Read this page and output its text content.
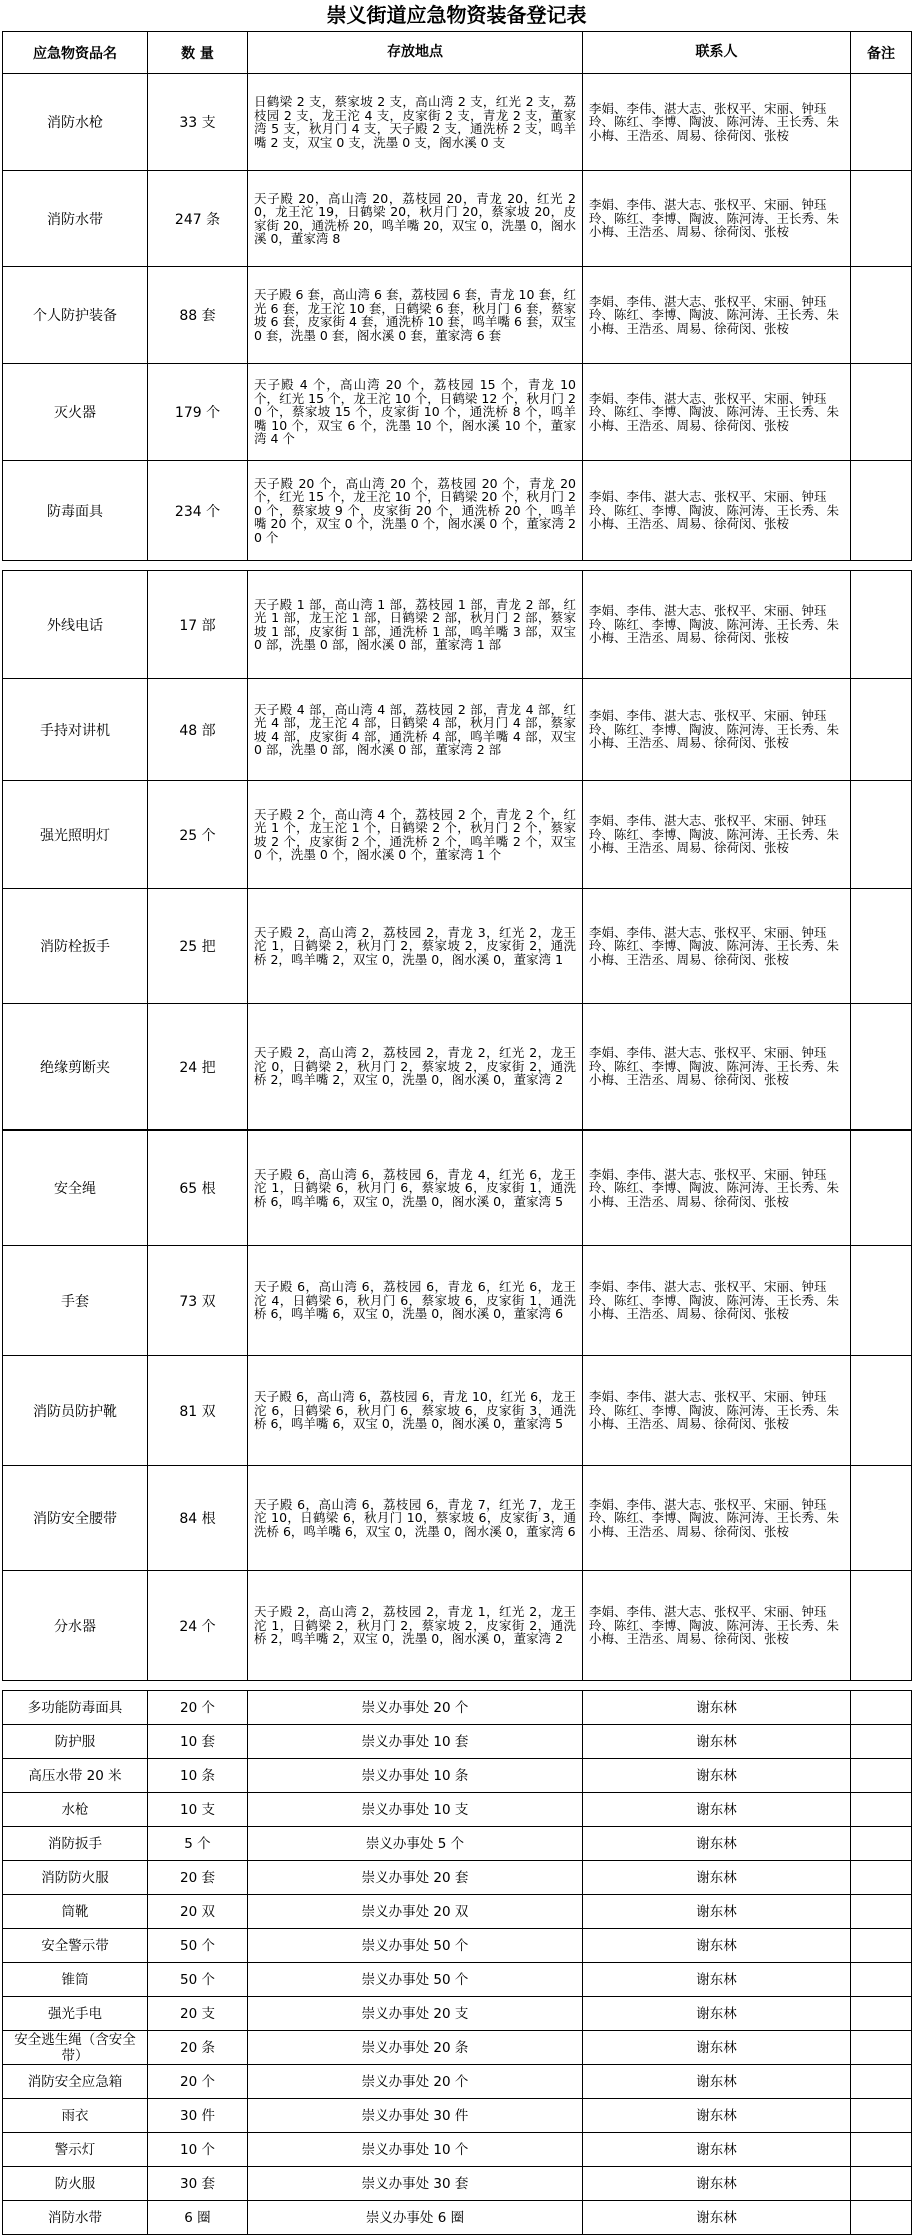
崇义街道应急物资装备登记表
应急物资品名	数 量	存放地点	联系人	备注
消防水枪	33 支	日鹤梁 2 支，蔡家坡 2 支，高山湾 2 支，红光 2 支，荔枝园 2 支，龙王沱 4 支，皮家街 2 支，青龙 2 支，董家湾 5 支，秋月门 4 支，天子殿 2 支，通洗桥 2 支，鸣羊嘴 2 支，双宝 0 支，洗墨 0 支，阁水溪 0 支	李娟、李伟、湛大志、张权平、宋丽、钟珏玲、陈红、李博、陶波、陈河涛、王长秀、朱小梅、王浩丞、周易、徐荷闵、张桉	
消防水带	247 条	天子殿 20，高山湾 20，荔枝园 20，青龙 20，红光 20，龙王沱 19，日鹤梁 20，秋月门 20，蔡家坡 20，皮家街 20，通洗桥 20，鸣羊嘴 20，双宝 0，洗墨 0，阁水溪 0，董家湾 8	李娟、李伟、湛大志、张权平、宋丽、钟珏玲、陈红、李博、陶波、陈河涛、王长秀、朱小梅、王浩丞、周易、徐荷闵、张桉	
个人防护装备	88 套	天子殿 6 套，高山湾 6 套，荔枝园 6 套，青龙 10 套，红光 6 套，龙王沱 10 套，日鹤梁 6 套，秋月门 6 套，蔡家坡 6 套，皮家街 4 套，通洗桥 10 套，鸣羊嘴 6 套，双宝 0 套，洗墨 0 套，阁水溪 0 套，董家湾 6 套	李娟、李伟、湛大志、张权平、宋丽、钟珏玲、陈红、李博、陶波、陈河涛、王长秀、朱小梅、王浩丞、周易、徐荷闵、张桉	
灭火器	179 个	天子殿 4 个，高山湾 20 个，荔枝园 15 个，青龙 10 个，红光 15 个，龙王沱 10 个，日鹤梁 12 个，秋月门 20 个，蔡家坡 15 个，皮家街 10 个，通洗桥 8 个，鸣羊嘴 10 个，双宝 6 个，洗墨 10 个，阁水溪 10 个，董家湾 4 个	李娟、李伟、湛大志、张权平、宋丽、钟珏玲、陈红、李博、陶波、陈河涛、王长秀、朱小梅、王浩丞、周易、徐荷闵、张桉	
防毒面具	234 个	天子殿 20 个，高山湾 20 个，荔枝园 20 个，青龙 20 个，红光 15 个，龙王沱 10 个，日鹤梁 20 个，秋月门 20 个，蔡家坡 9 个，皮家街 20 个，通洗桥 20 个，鸣羊嘴 20 个，双宝 0 个，洗墨 0 个，阁水溪 0 个，董家湾 20 个	李娟、李伟、湛大志、张权平、宋丽、钟珏玲、陈红、李博、陶波、陈河涛、王长秀、朱小梅、王浩丞、周易、徐荷闵、张桉	
外线电话	17 部	天子殿 1 部，高山湾 1 部，荔枝园 1 部，青龙 2 部，红光 1 部，龙王沱 1 部，日鹤梁 2 部，秋月门 2 部，蔡家坡 1 部，皮家街 1 部，通洗桥 1 部，鸣羊嘴 3 部，双宝 0 部，洗墨 0 部，阁水溪 0 部，董家湾 1 部	李娟、李伟、湛大志、张权平、宋丽、钟珏玲、陈红、李博、陶波、陈河涛、王长秀、朱小梅、王浩丞、周易、徐荷闵、张桉	
手持对讲机	48 部	天子殿 4 部，高山湾 4 部，荔枝园 2 部，青龙 4 部，红光 4 部，龙王沱 4 部，日鹤梁 4 部，秋月门 4 部，蔡家坡 4 部，皮家街 4 部，通洗桥 4 部，鸣羊嘴 4 部，双宝 0 部，洗墨 0 部，阁水溪 0 部，董家湾 2 部	李娟、李伟、湛大志、张权平、宋丽、钟珏玲、陈红、李博、陶波、陈河涛、王长秀、朱小梅、王浩丞、周易、徐荷闵、张桉	
强光照明灯	25 个	天子殿 2 个，高山湾 4 个，荔枝园 2 个，青龙 2 个，红光 1 个，龙王沱 1 个，日鹤梁 2 个，秋月门 2 个，蔡家坡 2 个，皮家街 2 个，通洗桥 2 个，鸣羊嘴 2 个，双宝 0 个，洗墨 0 个，阁水溪 0 个，董家湾 1 个	李娟、李伟、湛大志、张权平、宋丽、钟珏玲、陈红、李博、陶波、陈河涛、王长秀、朱小梅、王浩丞、周易、徐荷闵、张桉	
消防栓扳手	25 把	天子殿 2，高山湾 2，荔枝园 2，青龙 3，红光 2，龙王沱 1，日鹤梁 2，秋月门 2，蔡家坡 2，皮家街 2，通洗桥 2，鸣羊嘴 2，双宝 0，洗墨 0，阁水溪 0，董家湾 1	李娟、李伟、湛大志、张权平、宋丽、钟珏玲、陈红、李博、陶波、陈河涛、王长秀、朱小梅、王浩丞、周易、徐荷闵、张桉	
绝缘剪断夹	24 把	天子殿 2，高山湾 2，荔枝园 2，青龙 2，红光 2，龙王沱 0，日鹤梁 2，秋月门 2，蔡家坡 2，皮家街 2，通洗桥 2，鸣羊嘴 2，双宝 0，洗墨 0，阁水溪 0，董家湾 2	李娟、李伟、湛大志、张权平、宋丽、钟珏玲、陈红、李博、陶波、陈河涛、王长秀、朱小梅、王浩丞、周易、徐荷闵、张桉	
安全绳	65 根	天子殿 6，高山湾 6，荔枝园 6，青龙 4，红光 6，龙王沱 1，日鹤梁 6，秋月门 6，蔡家坡 6，皮家街 1，通洗桥 6，鸣羊嘴 6，双宝 0，洗墨 0，阁水溪 0，董家湾 5	李娟、李伟、湛大志、张权平、宋丽、钟珏玲、陈红、李博、陶波、陈河涛、王长秀、朱小梅、王浩丞、周易、徐荷闵、张桉	
手套	73 双	天子殿 6，高山湾 6，荔枝园 6，青龙 6，红光 6，龙王沱 4，日鹤梁 6，秋月门 6，蔡家坡 6，皮家街 1，通洗桥 6，鸣羊嘴 6，双宝 0，洗墨 0，阁水溪 0，董家湾 6	李娟、李伟、湛大志、张权平、宋丽、钟珏玲、陈红、李博、陶波、陈河涛、王长秀、朱小梅、王浩丞、周易、徐荷闵、张桉	
消防员防护靴	81 双	天子殿 6，高山湾 6，荔枝园 6，青龙 10，红光 6，龙王沱 6，日鹤梁 6，秋月门 6，蔡家坡 6，皮家街 3，通洗桥 6，鸣羊嘴 6，双宝 0，洗墨 0，阁水溪 0，董家湾 5	李娟、李伟、湛大志、张权平、宋丽、钟珏玲、陈红、李博、陶波、陈河涛、王长秀、朱小梅、王浩丞、周易、徐荷闵、张桉	
消防安全腰带	84 根	天子殿 6，高山湾 6，荔枝园 6，青龙 7，红光 7，龙王沱 10，日鹤梁 6，秋月门 10，蔡家坡 6，皮家街 3，通洗桥 6，鸣羊嘴 6，双宝 0，洗墨 0，阁水溪 0，董家湾 6	李娟、李伟、湛大志、张权平、宋丽、钟珏玲、陈红、李博、陶波、陈河涛、王长秀、朱小梅、王浩丞、周易、徐荷闵、张桉	
分水器	24 个	天子殿 2，高山湾 2，荔枝园 2，青龙 1，红光 2，龙王沱 1，日鹤梁 2，秋月门 2，蔡家坡 2，皮家街 2，通洗桥 2，鸣羊嘴 2，双宝 0，洗墨 0，阁水溪 0，董家湾 2	李娟、李伟、湛大志、张权平、宋丽、钟珏玲、陈红、李博、陶波、陈河涛、王长秀、朱小梅、王浩丞、周易、徐荷闵、张桉	
多功能防毒面具	20 个	崇义办事处 20 个	谢东林	
防护服	10 套	崇义办事处 10 套	谢东林	
高压水带 20 米	10 条	崇义办事处 10 条	谢东林	
水枪	10 支	崇义办事处 10 支	谢东林	
消防扳手	5 个	崇义办事处 5 个	谢东林	
消防防火服	20 套	崇义办事处 20 套	谢东林	
筒靴	20 双	崇义办事处 20 双	谢东林	
安全警示带	50 个	崇义办事处 50 个	谢东林	
锥筒	50 个	崇义办事处 50 个	谢东林	
强光手电	20 支	崇义办事处 20 支	谢东林	
安全逃生绳（含安全带）	20 条	崇义办事处 20 条	谢东林	
消防安全应急箱	20 个	崇义办事处 20 个	谢东林	
雨衣	30 件	崇义办事处 30 件	谢东林	
警示灯	10 个	崇义办事处 10 个	谢东林	
防火服	30 套	崇义办事处 30 套	谢东林	
消防水带	6 圈	崇义办事处 6 圈	谢东林	
